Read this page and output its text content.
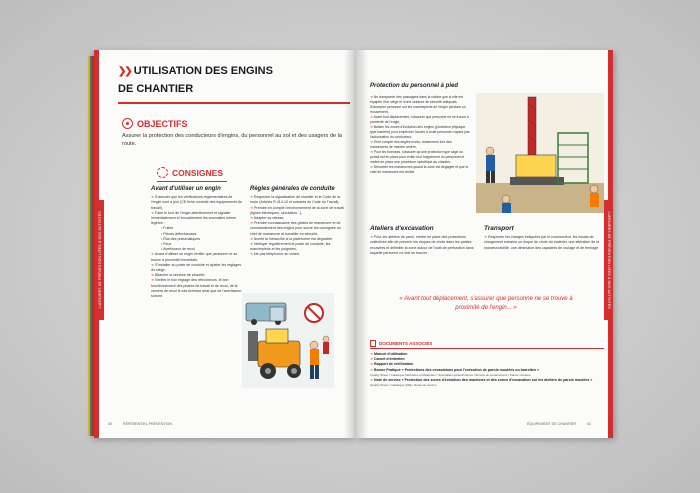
❯❯ UTILISATION DES ENGINS
DE CHANTIER
OBJECTIFS
Assurer la protection des conducteurs d'engins, du personnel au sol et des usagers de la route.
CONSIGNES
Avant d'utiliser un engin

➜ S'assurer que les vérifications réglementaires de l'engin sont à jour (CE fiche contrôle des équipements de travail),

➜ Faire le tour de l'engin attentivement et signaler immédiatement à l'encadrement les anomalies même légères :

• Fuites

• Pièces défectueuses

• État des pneumatiques

• Feux

• Avertisseur de recul

➜ Avant d'utiliser un engin vérifier que personne ne se trouve à proximité immédiate,

➜ S'installer au poste de conduite et ajuster les réglages du siège,

➜ Attacher la ceinture de sécurité,

➜ Vérifier le bon réglage des rétroviseurs, le bon fonctionnement des phares de travail et de recul, de la caméra de recul le cas échéant ainsi que de l'avertisseur sonore.

Règles générales de conduite

➜ Respecter la signalisation de chantier et le Code de la route (Articles R.414-10 et suivants du Code du Travail),

➜ Prendre en compte l'environnement de la zone de travail (lignes électriques, circulation...),

➜ Adapter sa vitesse,

➜ Prendre connaissance des gestes de manœuvre et de commandement des engins pour suivre les consignes du chef de manœuvre et travailler en sécurité,

➜ Avertir la hiérarchie si la plateforme est dégradée,

➜ Nettoyer régulièrement le poste de conduite, les marchepieds et les poignées,

➜ Ne pas téléphoner au volant.

40	RÉFÉRENTIEL PRÉVENTION
1-MESURES DE PRÉVENTION LIÉES À NOS ACTIVITÉS
Protection du personnel à pied
➜ Ne transporter des passagers dans la cabine que si elle est équipée d'un siège et d'une ceinture de sécurité adéquats. N'accepter personne sur les marchepieds de l'engin pendant un mouvement,
➜ Avant tout déplacement, s'assurer que personne ne se trouve à proximité de l'engin,
➜ Baliser les zones d'évolution des engins (protection physique type barrière) pour empêcher l'accès à toute personne n'ayant pas l'autorisation du conducteur,
➜ Tenir compte des angles morts, notamment lors des manœuvres de marche arrière,
➜ Pour les foreuses, s'assurer qu'une protection type cage ou portail est en place pour éviter tout happement du personnel et mettre en place une procédure spécifique au chantier,
➜ Démarrer les manœuvres quand la zone est dégagée et que le chef de manœuvre est visible.
Ateliers d'excavation
➜ Pour les ateliers de paroi, mettre en place des protections collectives afin de prévenir les risques de chute dans les parties excavées et délimiter la zone autour de l'outil de perforation dans laquelle personne ne doit se trouver.
Transport
➜ Respecter les charges indiquées par le constructeur, les essais de chargement entraîne un risque de chute du matériel, une altération de la manœuvrabilité, une diminution des capacités de roulage et de freinage.
« Avant tout déplacement, s'assurer que personne ne se trouve à proximité de l'engin... »
DOCUMENTS ASSOCIÉS
➜ Manuel d'utilisation
➜ Carnet d'entretien
➜ Rapport de vérification
➜ Bonne Pratique « Protections des excavations pour l'exécution de parois moulées ou barrettes »
Quality Street / Catalogue Méthodes et Matériaux / Spécialités géotechniques / Écrans de soutènement / Parois moulées
➜ Note de service « Protection des zones d'évolution des machines et des zones d'excavation sur les ateliers de parois moulées »
Quality Street / Catalogue QSE / Notes de service
ÉQUIPEMENT DE CHANTIER	41
1-MESURES DE PRÉVENTION LIÉES À NOS ACTIVITÉS
